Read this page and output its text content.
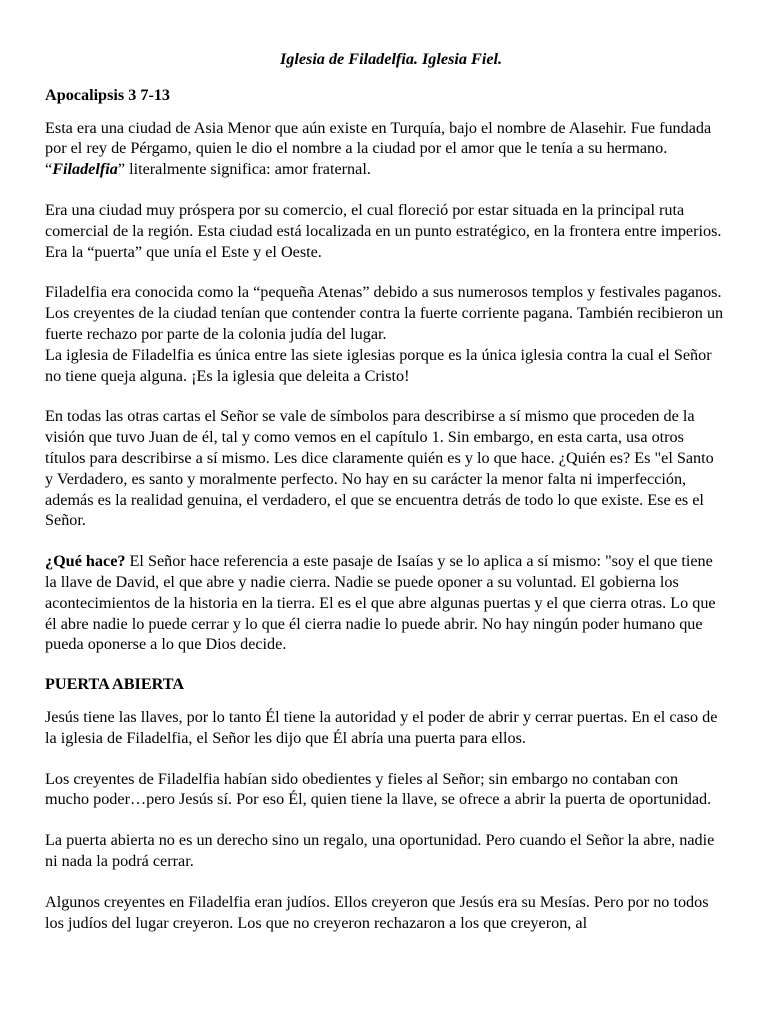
Iglesia de Filadelfia. Iglesia Fiel.

Apocalipsis 3 7-13

Esta era una ciudad de Asia Menor que aún existe en Turquía, bajo el nombre de Alasehir. Fue fundada por el rey de Pérgamo, quien le dio el nombre a la ciudad por el amor que le tenía a su hermano. “Filadelfia” literalmente significa: amor fraternal.

Era una ciudad muy próspera por su comercio, el cual floreció por estar situada en la principal ruta comercial de la región. Esta ciudad está localizada en un punto estratégico, en la frontera entre imperios. Era la “puerta” que unía el Este y el Oeste.

Filadelfia era conocida como la “pequeña Atenas” debido a sus numerosos templos y festivales paganos. Los creyentes de la ciudad tenían que contender contra la fuerte corriente pagana. También recibieron un fuerte rechazo por parte de la colonia judía del lugar.

La iglesia de Filadelfia es única entre las siete iglesias porque es la única iglesia contra la cual el Señor no tiene queja alguna. ¡Es la iglesia que deleita a Cristo!

En todas las otras cartas el Señor se vale de símbolos para describirse a sí mismo que proceden de la visión que tuvo Juan de él, tal y como vemos en el capítulo 1. Sin embargo, en esta carta, usa otros títulos para describirse a sí mismo. Les dice claramente quién es y lo que hace. ¿Quién es? Es "el Santo y Verdadero, es santo y moralmente perfecto. No hay en su carácter la menor falta ni imperfección, además es la realidad genuina, el verdadero, el que se encuentra detrás de todo lo que existe. Ese es el Señor.

¿Qué hace? El Señor hace referencia a este pasaje de Isaías y se lo aplica a sí mismo: "soy el que tiene la llave de David, el que abre y nadie cierra. Nadie se puede oponer a su voluntad. El gobierna los acontecimientos de la historia en la tierra. El es el que abre algunas puertas y el que cierra otras. Lo que él abre nadie lo puede cerrar y lo que él cierra nadie lo puede abrir. No hay ningún poder humano que pueda oponerse a lo que Dios decide.

PUERTA ABIERTA

Jesús tiene las llaves, por lo tanto Él tiene la autoridad y el poder de abrir y cerrar puertas. En el caso de la iglesia de Filadelfia, el Señor les dijo que Él abría una puerta para ellos.

Los creyentes de Filadelfia habían sido obedientes y fieles al Señor; sin embargo no contaban con mucho poder…pero Jesús sí. Por eso Él, quien tiene la llave, se ofrece a abrir la puerta de oportunidad.

La puerta abierta no es un derecho sino un regalo, una oportunidad. Pero cuando el Señor la abre, nadie ni nada la podrá cerrar.

Algunos creyentes en Filadelfia eran judíos. Ellos creyeron que Jesús era su Mesías. Pero por no todos los judíos del lugar creyeron. Los que no creyeron rechazaron a los que creyeron, al
